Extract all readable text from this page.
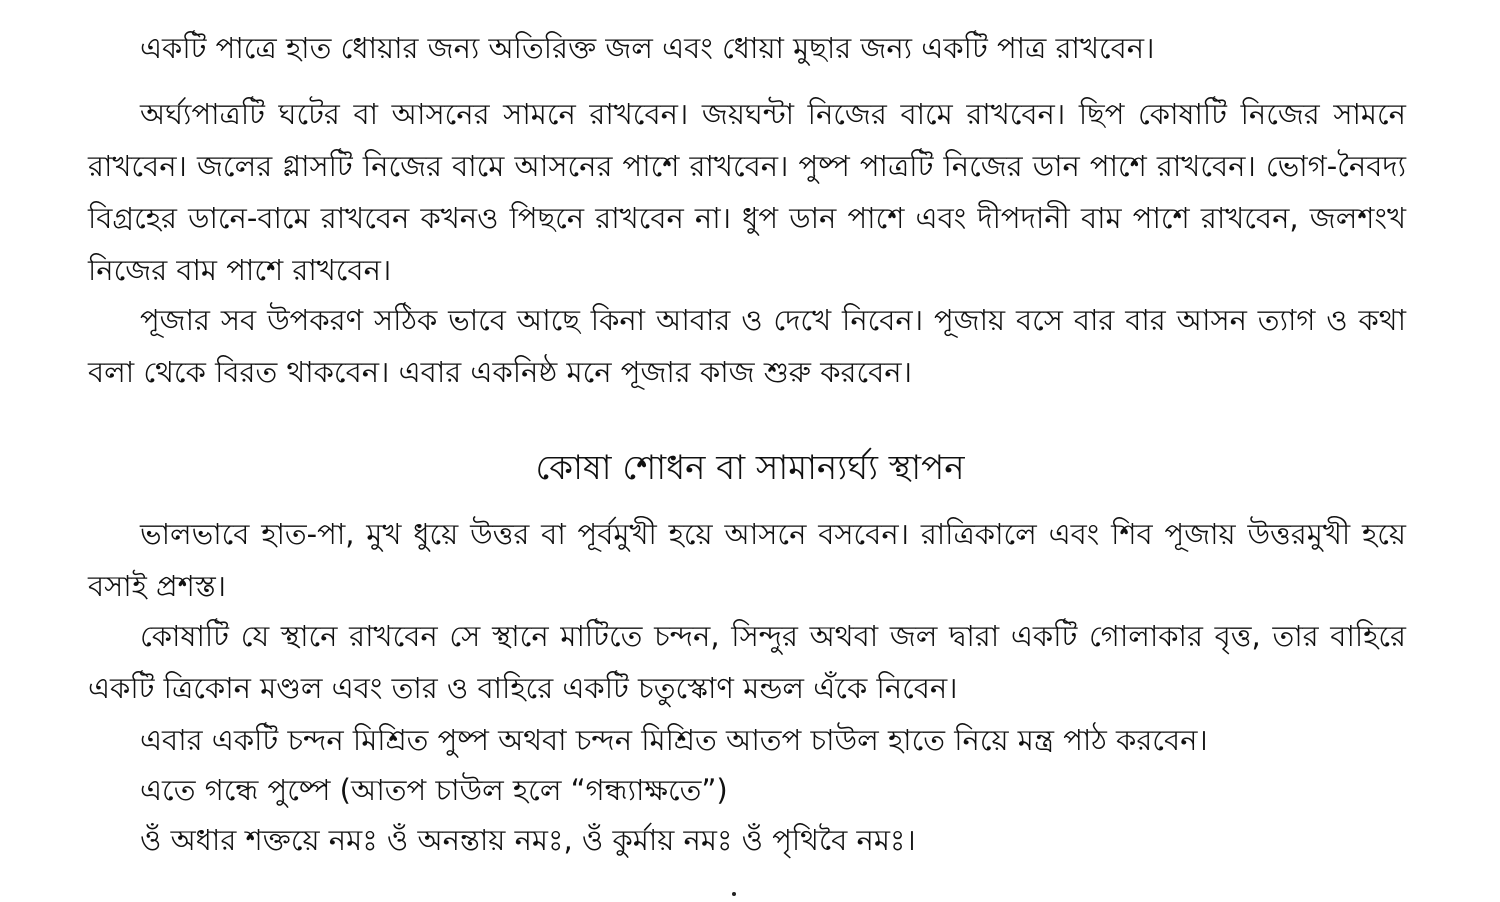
একটি পাত্রে হাত ধোয়ার জন্য অতিরিক্ত জল এবং ধোয়া মুছার জন্য একটি পাত্র রাখবেন।

অর্ঘ্যপাত্রটি ঘটের বা আসনের সামনে রাখবেন। জয়ঘন্টা নিজের বামে রাখবেন। ছিপ কোষাটি নিজের সামনে রাখবেন। জলের গ্লাসটি নিজের বামে আসনের পাশে রাখবেন। পুষ্প পাত্রটি নিজের ডান পাশে রাখবেন। ভোগ-নৈবদ্য বিগ্রহের ডানে-বামে রাখবেন কখনও পিছনে রাখবেন না। ধুপ ডান পাশে এবং দীপদানী বাম পাশে রাখবেন, জলশংখ নিজের বাম পাশে রাখবেন।

পূজার সব উপকরণ সঠিক ভাবে আছে কিনা আবার ও দেখে নিবেন। পূজায় বসে বার বার আসন ত্যাগ ও কথা বলা থেকে বিরত থাকবেন। এবার একনিষ্ঠ মনে পূজার কাজ শুরু করবেন।

কোষা শোধন বা সামান্যর্ঘ্য স্থাপন

ভালভাবে হাত-পা, মুখ ধুয়ে উত্তর বা পূর্বমুখী হয়ে আসনে বসবেন। রাত্রিকালে এবং শিব পূজায় উত্তরমুখী হয়ে বসাই প্রশস্ত।

কোষাটি যে স্থানে রাখবেন সে স্থানে মাটিতে চন্দন, সিন্দুর অথবা জল দ্বারা একটি গোলাকার বৃত্ত, তার বাহিরে একটি ত্রিকোন মণ্ডল এবং তার ও বাহিরে একটি চতুস্কোণ মন্ডল এঁকে নিবেন।

এবার একটি চন্দন মিশ্রিত পুষ্প অথবা চন্দন মিশ্রিত আতপ চাউল হাতে নিয়ে মন্ত্র পাঠ করবেন।

এতে গন্ধে পুষ্পে (আতপ চাউল হলে “গন্ধ্যাক্ষতে”)

ওঁ অধার শক্তয়ে নমঃ ওঁ অনন্তায় নমঃ, ওঁ কুর্মায় নমঃ ওঁ পৃথিবৈ নমঃ।
